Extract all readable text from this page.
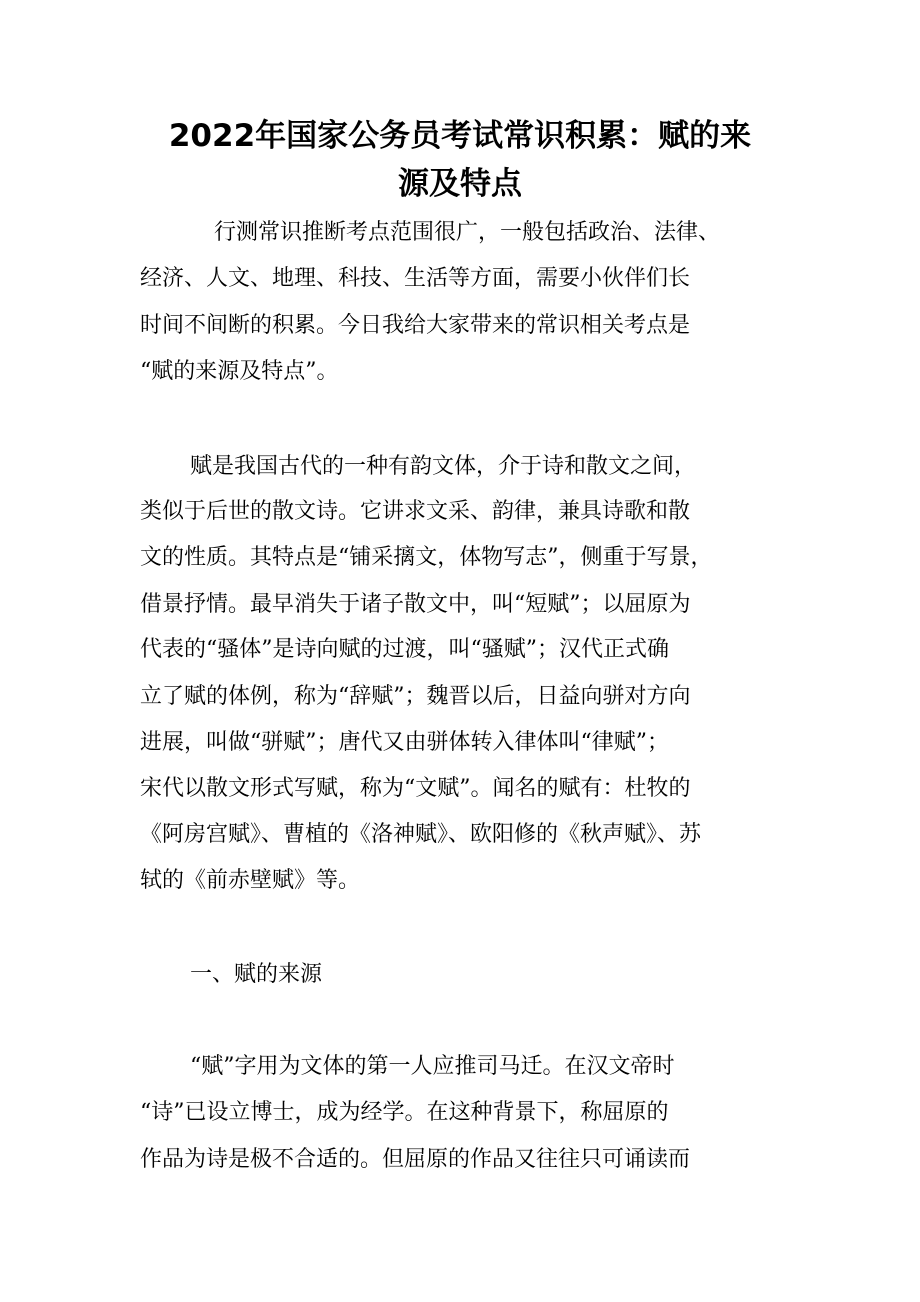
2022年国家公务员考试常识积累：赋的来
源及特点
行测常识推断考点范围很广，一般包括政治、法律、
经济、人文、地理、科技、生活等方面，需要小伙伴们长
时间不间断的积累。今日我给大家带来的常识相关考点是
“赋的来源及特点”。
赋是我国古代的一种有韵文体，介于诗和散文之间，
类似于后世的散文诗。它讲求文采、韵律，兼具诗歌和散
文的性质。其特点是“铺采摛文，体物写志”，侧重于写景，
借景抒情。最早消失于诸子散文中，叫“短赋”；以屈原为
代表的“骚体”是诗向赋的过渡，叫“骚赋”；汉代正式确
立了赋的体例，称为“辞赋”；魏晋以后，日益向骈对方向
进展，叫做“骈赋”；唐代又由骈体转入律体叫“律赋”；
宋代以散文形式写赋，称为“文赋”。闻名的赋有：杜牧的
《阿房宫赋》、曹植的《洛神赋》、欧阳修的《秋声赋》、苏
轼的《前赤壁赋》等。
一、赋的来源
“赋”字用为文体的第一人应推司马迁。在汉文帝时
“诗”已设立博士，成为经学。在这种背景下，称屈原的
作品为诗是极不合适的。但屈原的作品又往往只可诵读而
